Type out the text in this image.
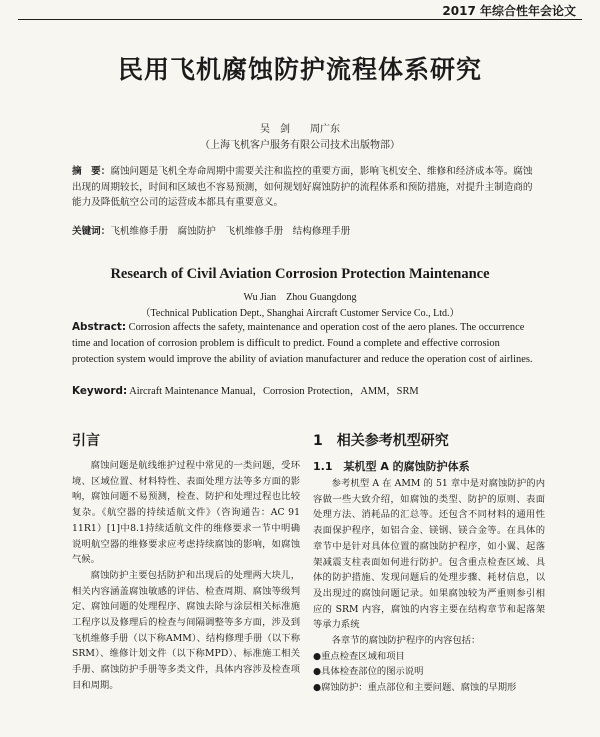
2017 年综合性年会论文
民用飞机腐蚀防护流程体系研究
吴　剑　　周广东
（上海飞机客户服务有限公司技术出版物部）
摘　要：腐蚀问题是飞机全寿命周期中需要关注和监控的重要方面，影响飞机安全、维修和经济成本等。腐蚀出现的周期较长，时间和区域也不容易预测，如何规划好腐蚀防护的流程体系和预防措施，对提升主制造商的能力及降低航空公司的运营成本都具有重要意义。
关键词：飞机维修手册　腐蚀防护　飞机维修手册　结构修理手册
Research of Civil Aviation Corrosion Protection Maintenance
Wu Jian　Zhou Guangdong
（Technical Publication Dept., Shanghai Aircraft Customer Service Co., Ltd.）
Abstract: Corrosion affects the safety, maintenance and operation cost of the aero planes. The occurrence time and location of corrosion problem is difficult to predict. Found a complete and effective corrosion protection system would improve the ability of aviation manufacturer and reduce the operation cost of airlines.
Keyword: Aircraft Maintenance Manual，Corrosion Protection，AMM，SRM
引言

腐蚀问题是航线维护过程中常见的一类问题，受环境、区域位置、材料特性、表面处理方法等多方面的影响，腐蚀问题不易预测，检查、防护和处理过程也比较复杂。《航空器的持续适航文件》（咨询通告：AC 91 11R1）[1]中8.1持续适航文件的维修要求一节中明确说明航空器的维修要求应考虑持续腐蚀的影响，如腐蚀气候。

腐蚀防护主要包括防护和出现后的处理两大块儿，相关内容涵盖腐蚀敏感的评估、检查周期、腐蚀等级判定、腐蚀问题的处理程序、腐蚀去除与涂层相关标准施工程序以及修理后的检查与间隔调整等多方面，涉及到飞机维修手册（以下称AMM）、结构修理手册（以下称SRM）、维修计划文件（以下称MPD）、标准施工相关手册、腐蚀防护手册等多类文件，具体内容涉及检查项目和周期。

1　相关参考机型研究
1.1　某机型 A 的腐蚀防护体系

参考机型 A 在 AMM 的 51 章中是对腐蚀防护的内容做一些大致介绍，如腐蚀的类型、防护的原则、表面处理方法、消耗品的汇总等。还包含不同材料的通用性表面保护程序，如铝合金、镁钢、镁合金等。在具体的章节中是针对具体位置的腐蚀防护程序，如小翼、起落架减震支柱表面如何进行防护。包含重点检查区域、具体的防护措施、发现问题后的处理步骤、耗材信息，以及出现过的腐蚀问题记录。如果腐蚀较为严重则参引相应的 SRM 内容，腐蚀的内容主要在结构章节和起落架等承力系统

各章节的腐蚀防护程序的内容包括：

●重点检查区域和项目

●具体检查部位的图示说明

●腐蚀防护：重点部位和主要问题、腐蚀的早期形
